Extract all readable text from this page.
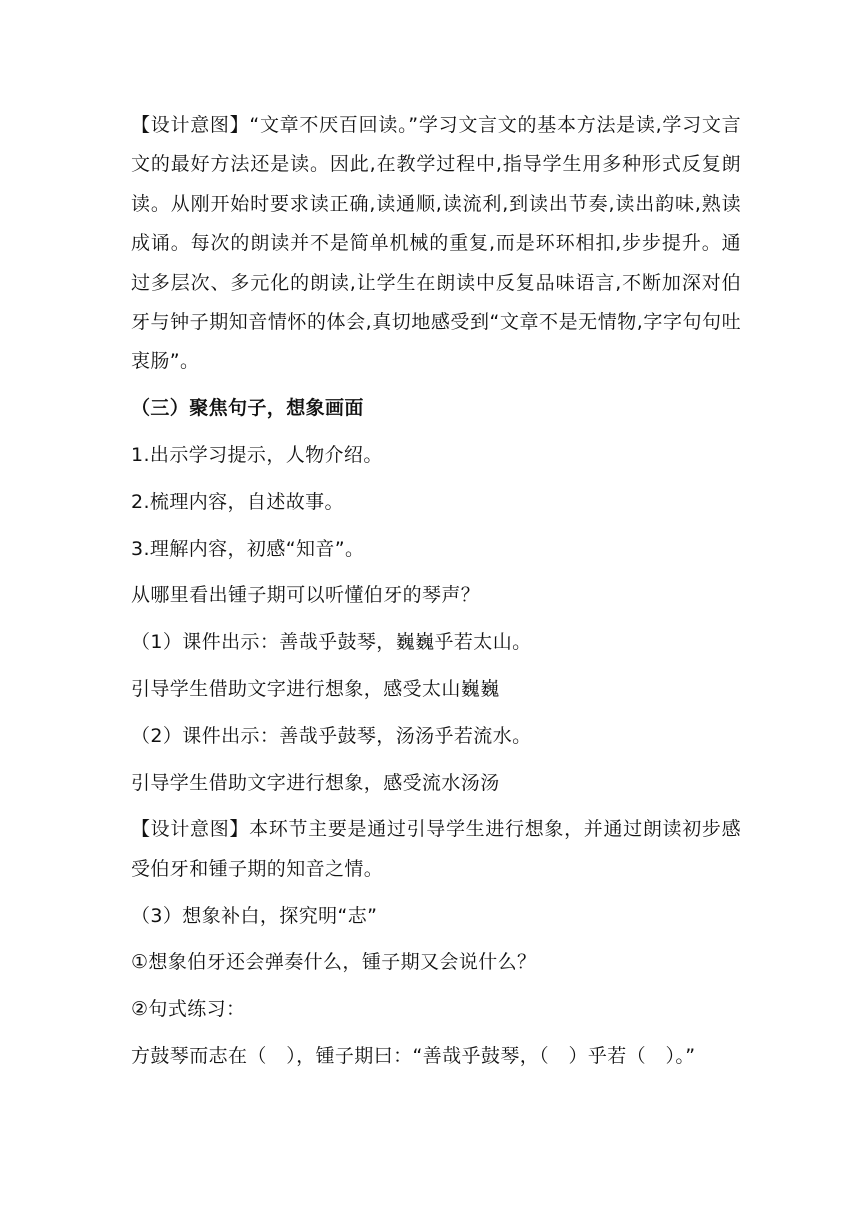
【设计意图】“文章不厌百回读。”学习文言文的基本方法是读,学习文言文的最好方法还是读。因此,在教学过程中,指导学生用多种形式反复朗读。从刚开始时要求读正确,读通顺,读流利,到读出节奏,读出韵味,熟读成诵。每次的朗读并不是简单机械的重复,而是环环相扣,步步提升。通过多层次、多元化的朗读,让学生在朗读中反复品味语言,不断加深对伯牙与钟子期知音情怀的体会,真切地感受到“文章不是无情物,字字句句吐衷肠”。

（三）聚焦句子，想象画面

1.出示学习提示，人物介绍。

2.梳理内容，自述故事。

3.理解内容，初感“知音”。

从哪里看出锺子期可以听懂伯牙的琴声？

（1）课件出示：善哉乎鼓琴，巍巍乎若太山。

引导学生借助文字进行想象，感受太山巍巍

（2）课件出示：善哉乎鼓琴，汤汤乎若流水。

引导学生借助文字进行想象，感受流水汤汤

【设计意图】本环节主要是通过引导学生进行想象，并通过朗读初步感受伯牙和锺子期的知音之情。

（3）想象补白，探究明“志”

①想象伯牙还会弹奏什么，锺子期又会说什么？

②句式练习：

方鼓琴而志在（　），锺子期曰：“善哉乎鼓琴，（　）乎若（　）。”
